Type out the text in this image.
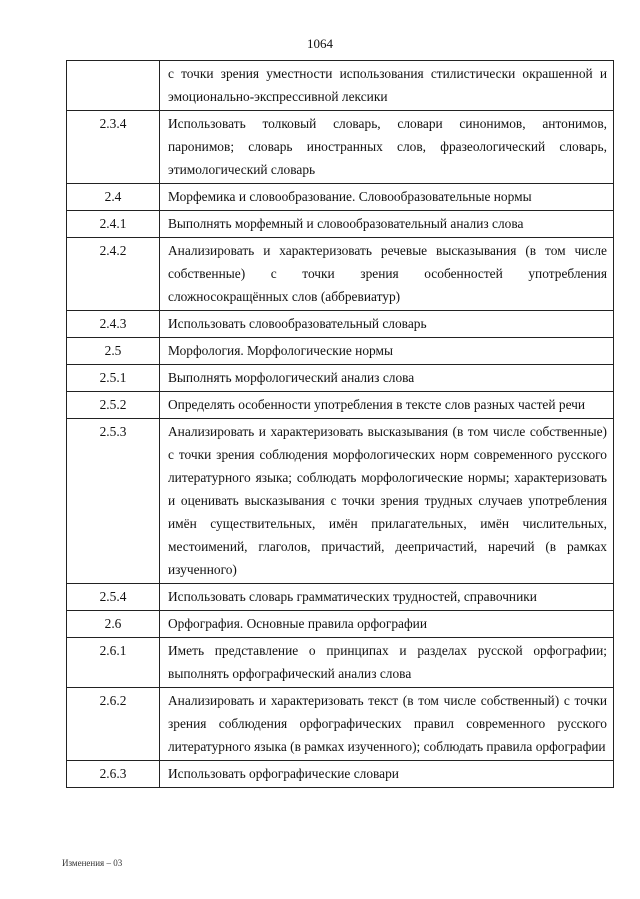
1064
	с точки зрения уместности использования стилистически окрашенной и эмоционально-экспрессивной лексики
2.3.4	Использовать толковый словарь, словари синонимов, антонимов, паронимов; словарь иностранных слов, фразеологический словарь, этимологический словарь
2.4	Морфемика и словообразование. Словообразовательные нормы
2.4.1	Выполнять морфемный и словообразовательный анализ слова
2.4.2	Анализировать и характеризовать речевые высказывания (в том числе собственные) с точки зрения особенностей употребления сложносокращённых слов (аббревиатур)
2.4.3	Использовать словообразовательный словарь
2.5	Морфология. Морфологические нормы
2.5.1	Выполнять морфологический анализ слова
2.5.2	Определять особенности употребления в тексте слов разных частей речи
2.5.3	Анализировать и характеризовать высказывания (в том числе собственные) с точки зрения соблюдения морфологических норм современного русского литературного языка; соблюдать морфологические нормы; характеризовать и оценивать высказывания с точки зрения трудных случаев употребления имён существительных, имён прилагательных, имён числительных, местоимений, глаголов, причастий, деепричастий, наречий (в рамках изученного)
2.5.4	Использовать словарь грамматических трудностей, справочники
2.6	Орфография. Основные правила орфографии
2.6.1	Иметь представление о принципах и разделах русской орфографии; выполнять орфографический анализ слова
2.6.2	Анализировать и характеризовать текст (в том числе собственный) с точки зрения соблюдения орфографических правил современного русского литературного языка (в рамках изученного); соблюдать правила орфографии
2.6.3	Использовать орфографические словари
Изменения – 03
